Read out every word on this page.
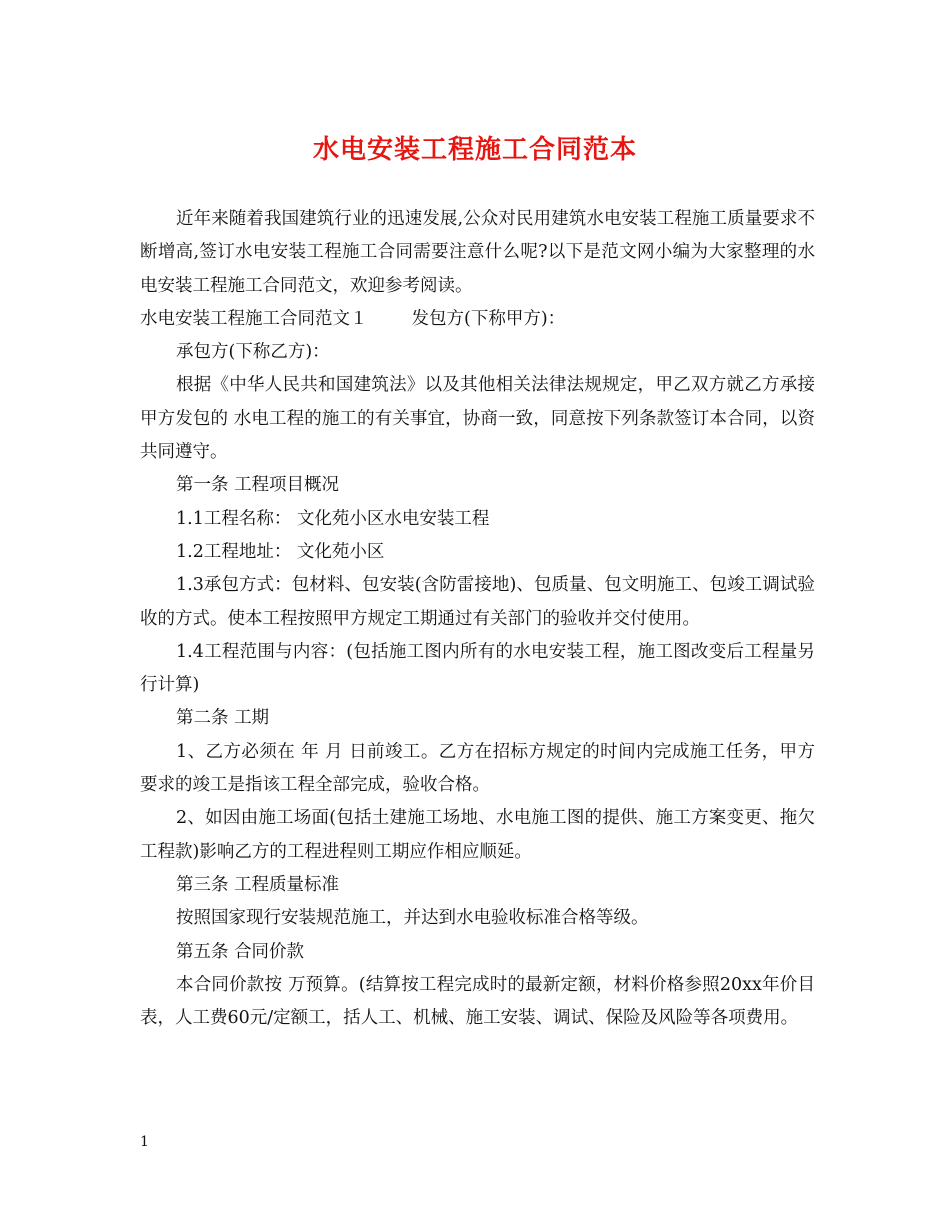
水电安装工程施工合同范本

近年来随着我国建筑行业的迅速发展,公众对民用建筑水电安装工程施工质量要求不断增高,签订水电安装工程施工合同需要注意什么呢?以下是范文网小编为大家整理的水电安装工程施工合同范文，欢迎参考阅读。

水电安装工程施工合同范文１	发包方(下称甲方)：

承包方(下称乙方)：

根据《中华人民共和国建筑法》以及其他相关法律法规规定，甲乙双方就乙方承接甲方发包的 水电工程的施工的有关事宜，协商一致，同意按下列条款签订本合同，以资共同遵守。

第一条 工程项目概况

1.1工程名称： 文化苑小区水电安装工程

1.2工程地址： 文化苑小区

1.3承包方式：包材料、包安装(含防雷接地)、包质量、包文明施工、包竣工调试验收的方式。使本工程按照甲方规定工期通过有关部门的验收并交付使用。

1.4工程范围与内容：(包括施工图内所有的水电安装工程，施工图改变后工程量另行计算)

第二条 工期

1、乙方必须在 年 月 日前竣工。乙方在招标方规定的时间内完成施工任务，甲方要求的竣工是指该工程全部完成，验收合格。

2、如因由施工场面(包括土建施工场地、水电施工图的提供、施工方案变更、拖欠工程款)影响乙方的工程进程则工期应作相应顺延。

第三条 工程质量标准

按照国家现行安装规范施工，并达到水电验收标准合格等级。

第五条 合同价款

本合同价款按 万预算。(结算按工程完成时的最新定额，材料价格参照20xx年价目表，人工费60元/定额工，括人工、机械、施工安装、调试、保险及风险等各项费用。

1
